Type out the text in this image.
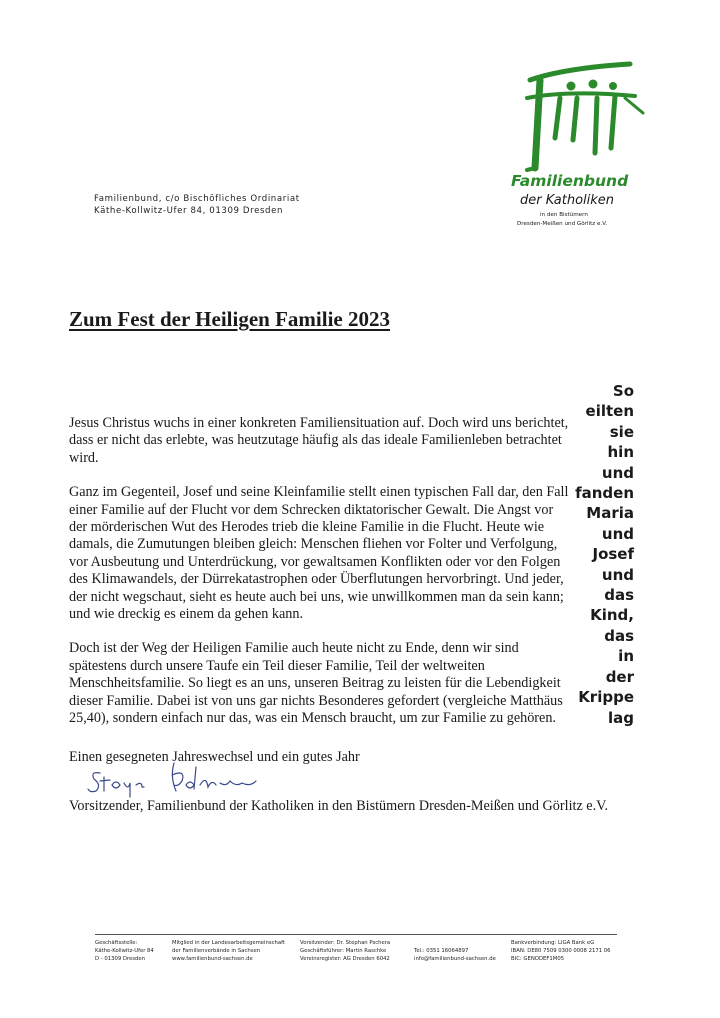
Familienbund, c/o Bischöfliches Ordinariat
Käthe-Kollwitz-Ufer 84, 01309 Dresden
Familienbund
der Katholiken
in den Bistümern
Dresden-Meißen und Görlitz e.V.
Zum Fest der Heiligen Familie 2023
So
eilten
sie
hin
und
fanden
Maria
und
Josef
und
das
Kind,
das
in
der
Krippe
lag

Jesus Christus wuchs in einer konkreten Familiensituation auf. Doch wird uns berichtet, dass er nicht das erlebte, was heutzutage häufig als das ideale Familienleben betrachtet wird.

Ganz im Gegenteil, Josef und seine Kleinfamilie stellt einen typischen Fall dar, den Fall einer Familie auf der Flucht vor dem Schrecken diktatorischer Gewalt. Die Angst vor der mörderischen Wut des Herodes trieb die kleine Familie in die Flucht. Heute wie damals, die Zumutungen bleiben gleich: Menschen fliehen vor Folter und Verfolgung, vor Ausbeutung und Unterdrückung, vor gewaltsamen Konflikten oder vor den Folgen des Klimawandels, der Dürrekatastrophen oder Überflutungen hervorbringt. Und jeder, der nicht wegschaut, sieht es heute auch bei uns, wie unwillkommen man da sein kann; und wie dreckig es einem da gehen kann.

Doch ist der Weg der Heiligen Familie auch heute nicht zu Ende, denn wir sind spätestens durch unsere Taufe ein Teil dieser Familie, Teil der weltweiten Menschheitsfamilie. So liegt es an uns, unseren Beitrag zu leisten für die Lebendigkeit dieser Familie. Dabei ist von uns gar nichts Besonderes gefordert (vergleiche Matthäus 25,40), sondern einfach nur das, was ein Mensch braucht, um zur Familie zu gehören.

Einen gesegneten Jahreswechsel und ein gutes Jahr
Vorsitzender, Familienbund der Katholiken in den Bistümern Dresden-Meißen und Görlitz e.V.
Geschäftsstelle:
Käthe-Kollwitz-Ufer 84
D - 01309 Dresden
Mitglied in der Landesarbeitsgemeinschaft
der Familienverbände in Sachsen
www.familienbund-sachsen.de
Vorsitzender: Dr. Stephan Pschera
Geschäftsführer: Martin Raschke
Vereinsregister: AG Dresden 6042

Tel.: 0351 16064897
info@familienbund-sachsen.de
Bankverbindung: LIGA Bank eG
IBAN: DE80 7509 0300 0008 2171 06
BIC: GENODEF1M05
